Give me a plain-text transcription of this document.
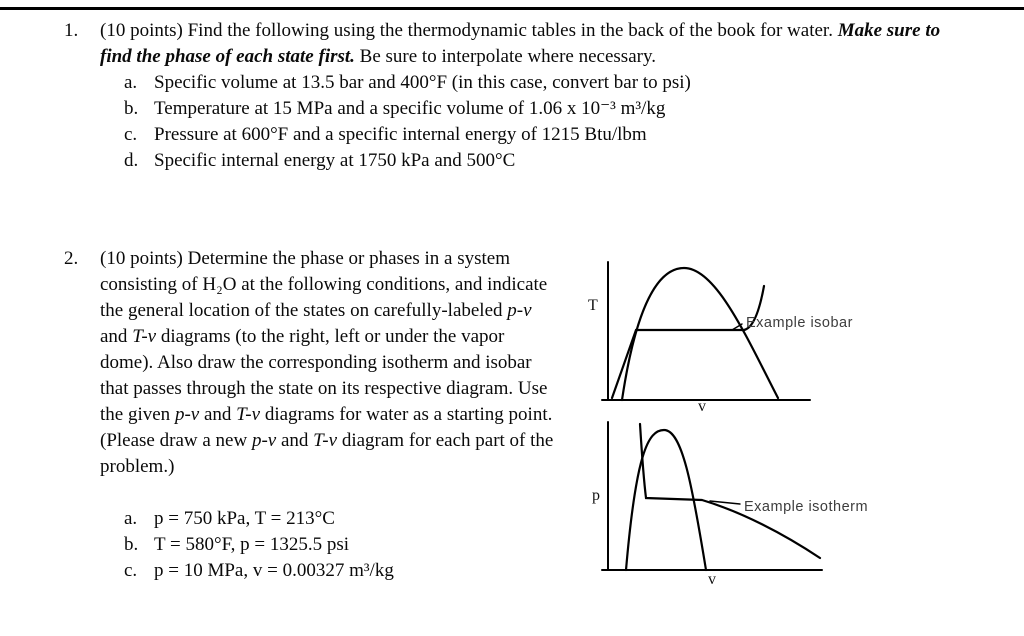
1.	(10 points) Find the following using the thermodynamic tables in the back of the book for water. Make sure to find the phase of each state first. Be sure to interpolate where necessary.

a. Specific volume at 13.5 bar and 400°F (in this case, convert bar to psi)
b. Temperature at 15 MPa and a specific volume of 1.06 x 10⁻³ m³/kg
c. Pressure at 600°F and a specific internal energy of 1215 Btu/lbm
d. Specific internal energy at 1750 kPa and 500°C
2.	(10 points) Determine the phase or phases in a system consisting of H₂O at the following conditions, and indicate the general location of the states on carefully-labeled p-v and T-v diagrams (to the right, left or under the vapor dome). Also draw the corresponding isotherm and isobar that passes through the state on its respective diagram. Use the given p-v and T-v diagrams for water as a starting point. (Please draw a new p-v and T-v diagram for each part of the problem.)

a. p = 750 kPa, T = 213°C
b. T = 580°F, p = 1325.5 psi
c. p = 10 MPa, v = 0.00327 m³/kg
T
v
Example isobar
p
v
Example isotherm
